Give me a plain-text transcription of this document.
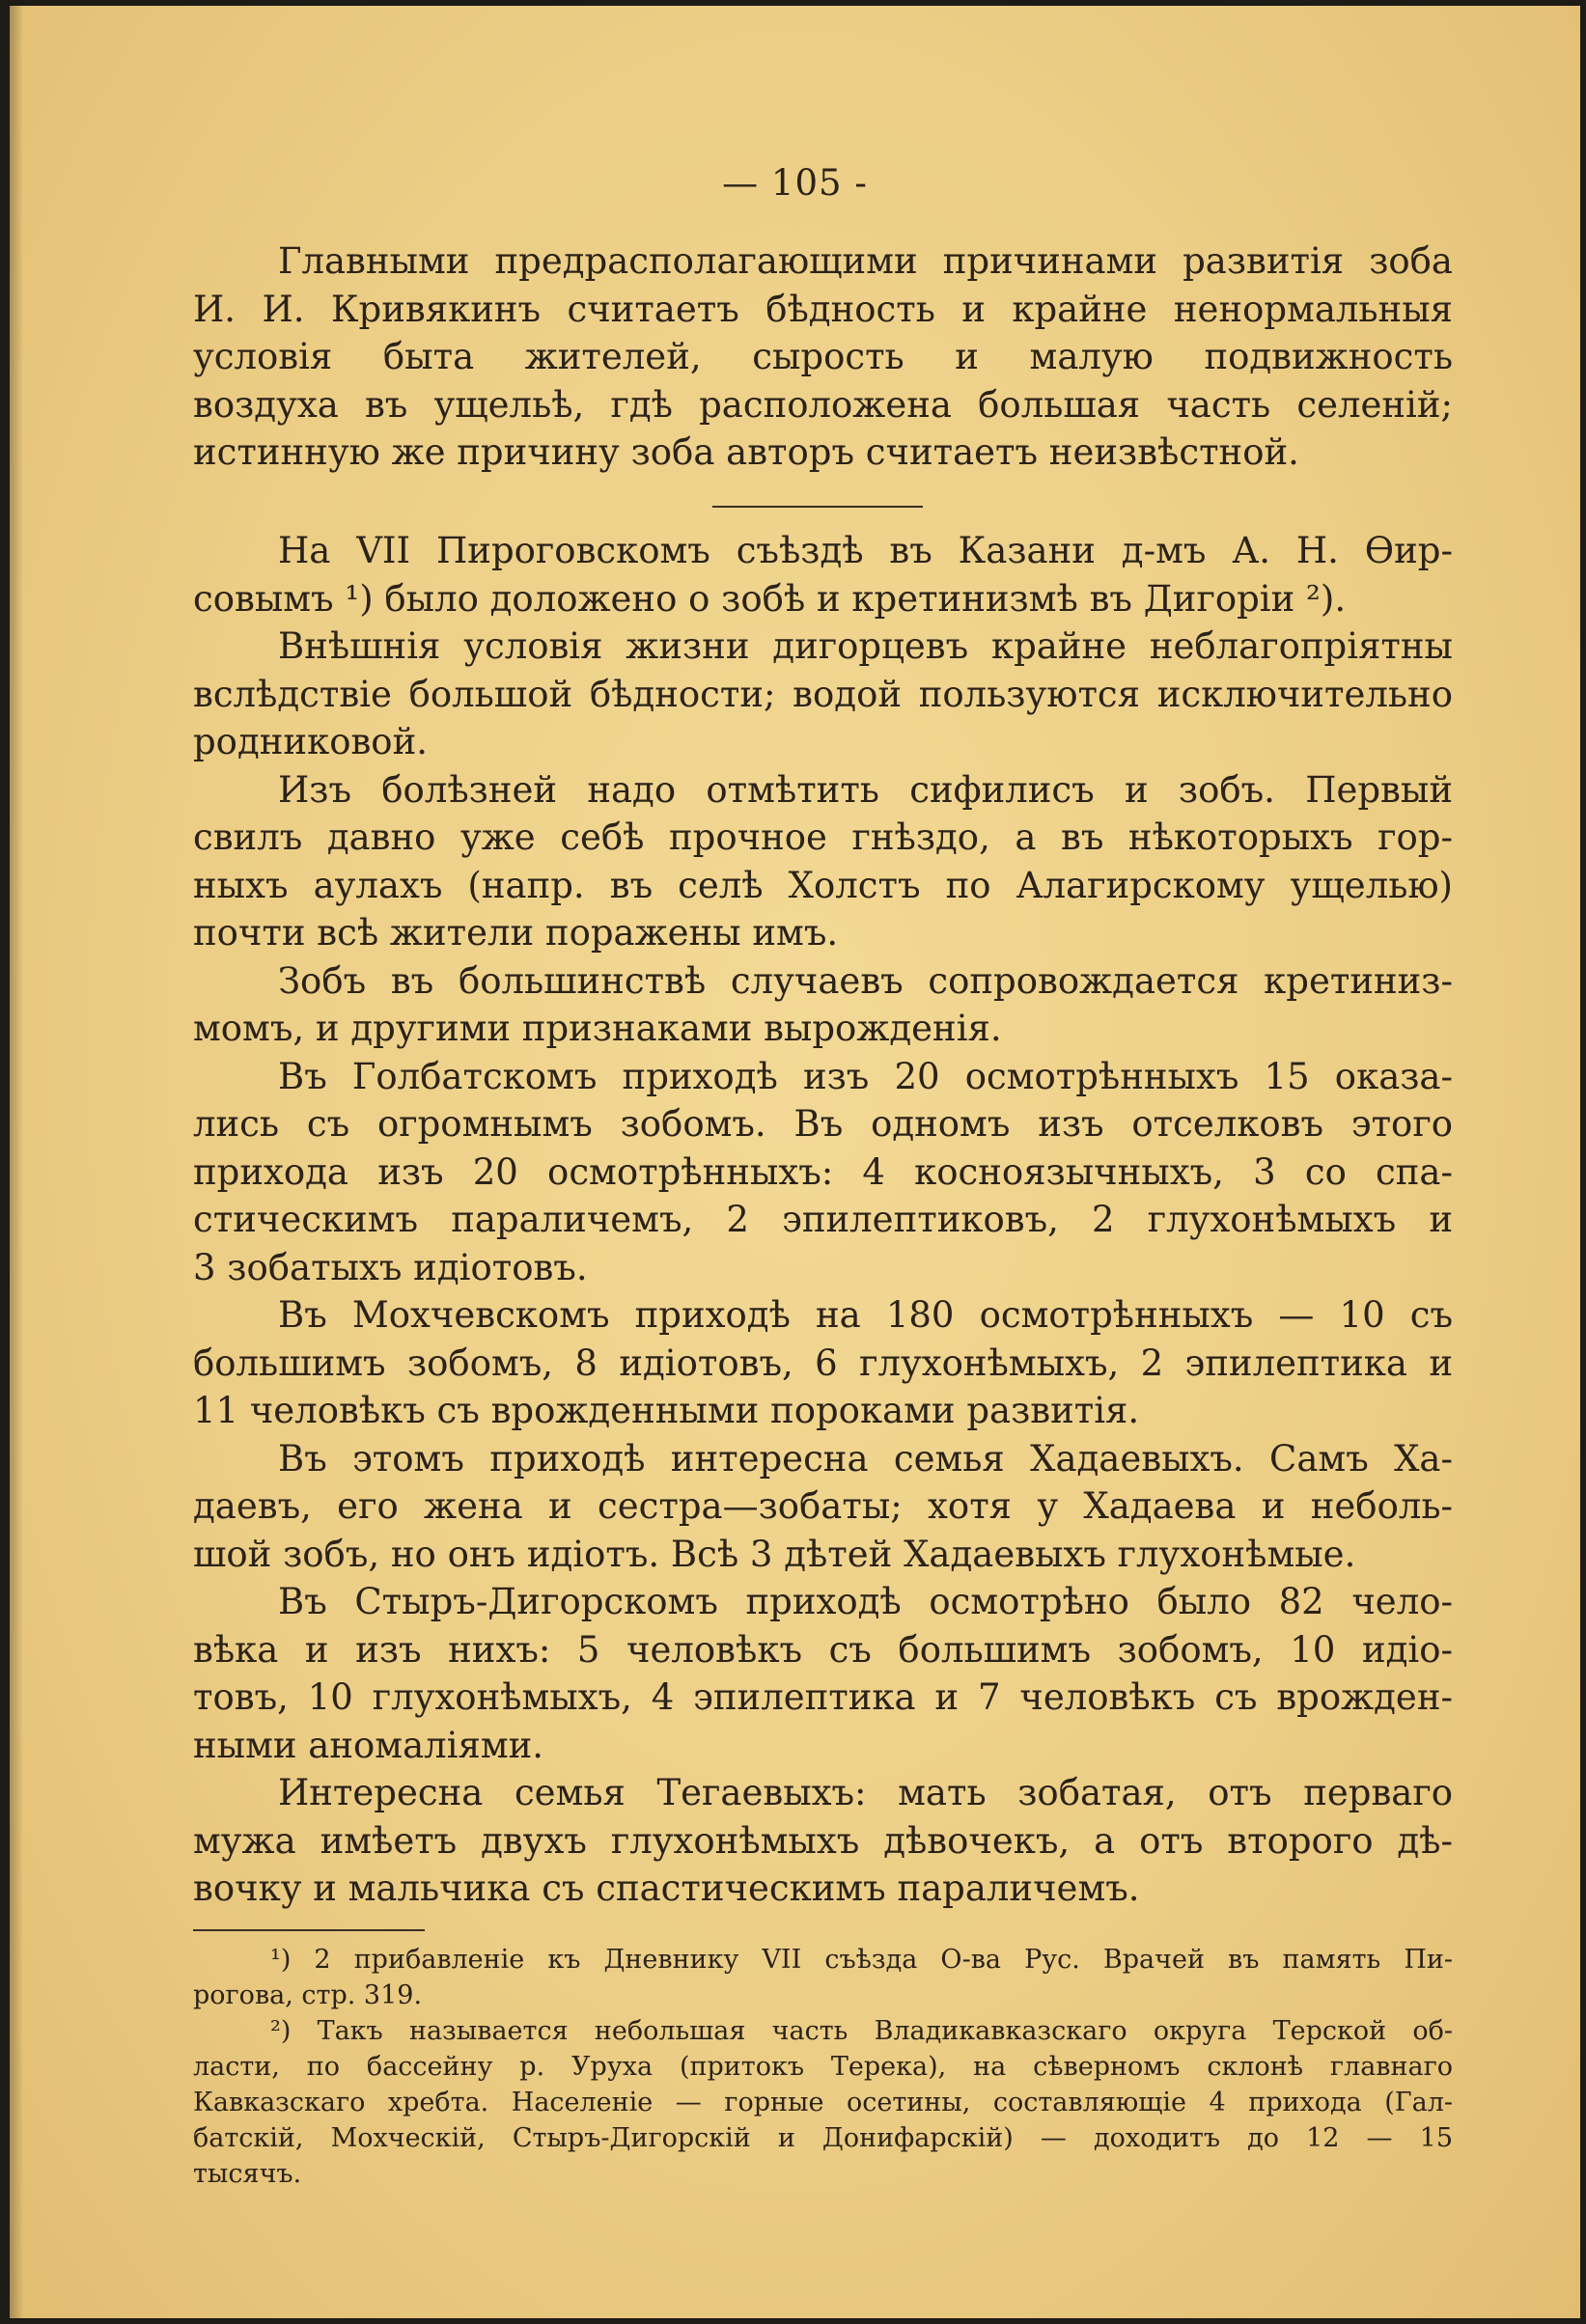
— 105 -
Главными предрасполагающими причинами развитія зоба
И. И. Кривякинъ считаетъ бѣдность и крайне ненормальныя
условія быта жителей, сырость и малую подвижность
воздуха въ ущельѣ, гдѣ расположена большая часть селеній;
истинную же причину зоба авторъ считаетъ неизвѣстной.
На VII Пироговскомъ съѣздѣ въ Казани д-мъ А. Н. Ѳир-
совымъ ¹) было доложено о зобѣ и кретинизмѣ въ Дигоріи ²).
Внѣшнія условія жизни дигорцевъ крайне неблагопріятны
вслѣдствіе большой бѣдности; водой пользуются исключительно
родниковой.
Изъ болѣзней надо отмѣтить сифилисъ и зобъ. Первый
свилъ давно уже себѣ прочное гнѣздо, а въ нѣкоторыхъ гор-
ныхъ аулахъ (напр. въ селѣ Холстъ по Алагирскому ущелью)
почти всѣ жители поражены имъ.
Зобъ въ большинствѣ случаевъ сопровождается кретиниз-
момъ, и другими признаками вырожденія.
Въ Голбатскомъ приходѣ изъ 20 осмотрѣнныхъ 15 оказа-
лись съ огромнымъ зобомъ. Въ одномъ изъ отселковъ этого
прихода изъ 20 осмотрѣнныхъ: 4 косноязычныхъ, 3 со спа-
стическимъ параличемъ, 2 эпилептиковъ, 2 глухонѣмыхъ и
3 зобатыхъ идіотовъ.
Въ Мохчевскомъ приходѣ на 180 осмотрѣнныхъ — 10 съ
большимъ зобомъ, 8 идіотовъ, 6 глухонѣмыхъ, 2 эпилептика и
11 человѣкъ съ врожденными пороками развитія.
Въ этомъ приходѣ интересна семья Хадаевыхъ. Самъ Ха-
даевъ, его жена и сестра—зобаты; хотя у Хадаева и неболь-
шой зобъ, но онъ идіотъ. Всѣ 3 дѣтей Хадаевыхъ глухонѣмые.
Въ Стыръ-Дигорскомъ приходѣ осмотрѣно было 82 чело-
вѣка и изъ нихъ: 5 человѣкъ съ большимъ зобомъ, 10 идіо-
товъ, 10 глухонѣмыхъ, 4 эпилептика и 7 человѣкъ съ врожден-
ными аномаліями.
Интересна семья Тегаевыхъ: мать зобатая, отъ перваго
мужа имѣетъ двухъ глухонѣмыхъ дѣвочекъ, а отъ второго дѣ-
вочку и мальчика съ спастическимъ параличемъ.
¹) 2 прибавленіе къ Дневнику VII съѣзда О-ва Рус. Врачей въ память Пи-
рогова, стр. 319.
²) Такъ называется небольшая часть Владикавказскаго округа Терской об-
ласти, по бассейну р. Уруха (притокъ Терека), на сѣверномъ склонѣ главнаго
Кавказскаго хребта. Населеніе — горные осетины, составляющіе 4 прихода (Гал-
батскій, Мохческій, Стыръ-Дигорскій и Донифарскій) — доходитъ до 12 — 15
тысячъ.
